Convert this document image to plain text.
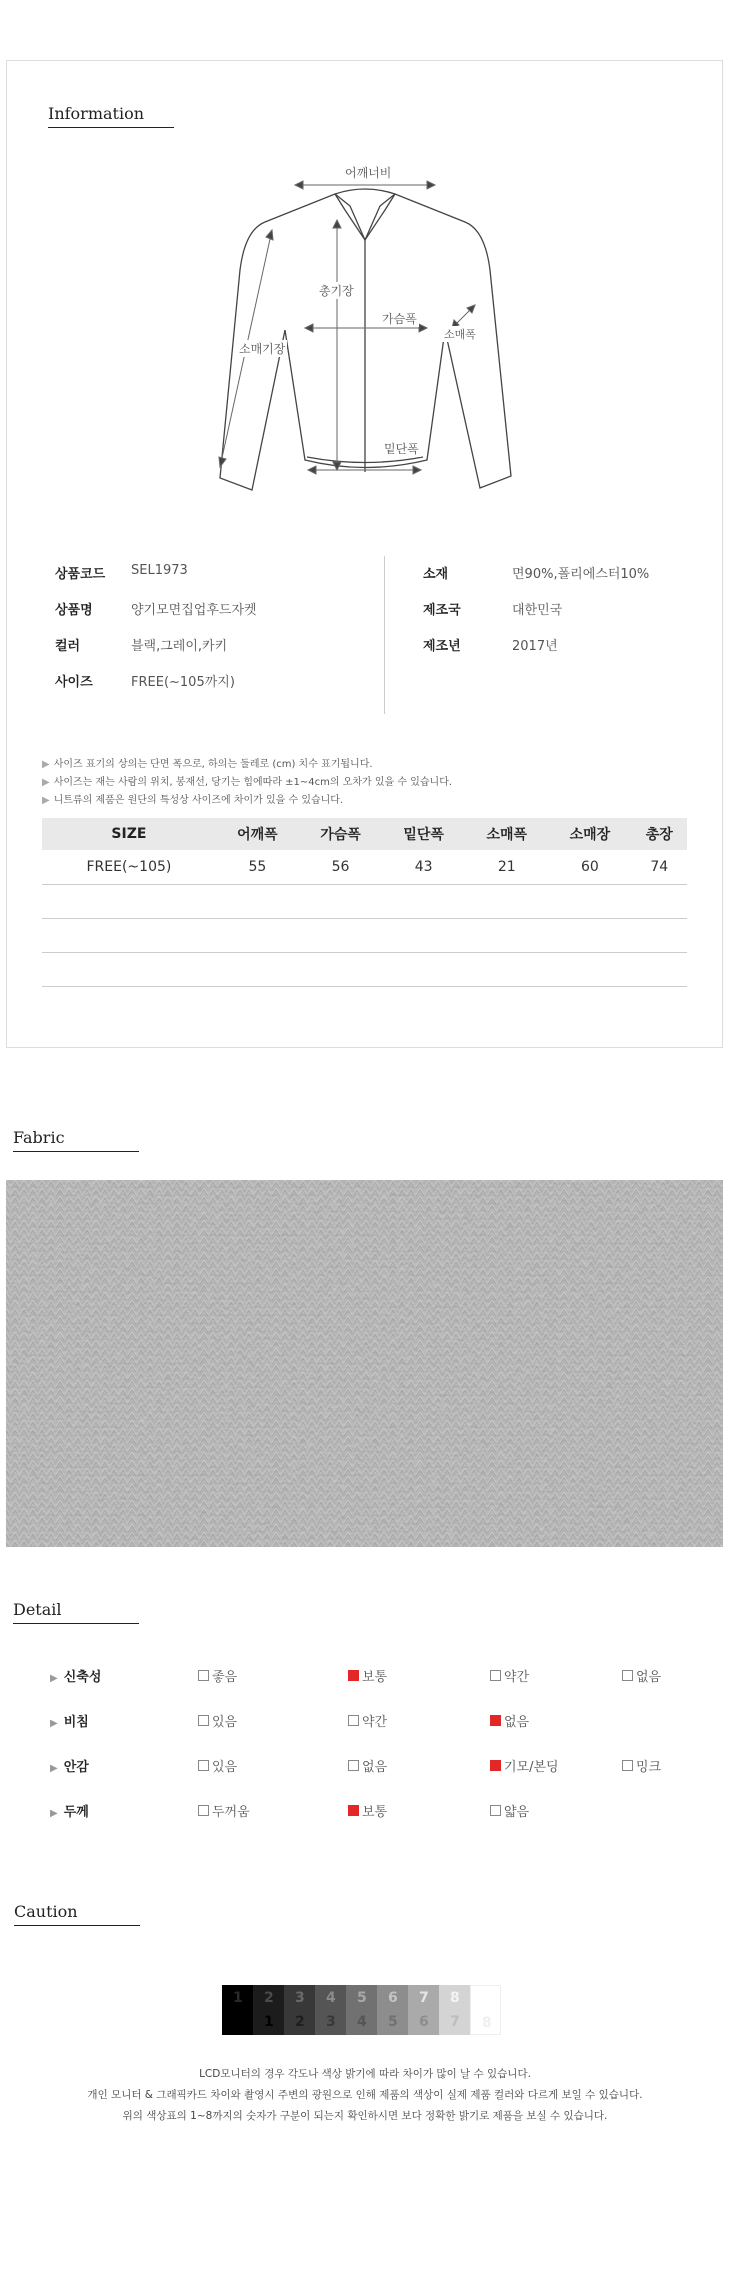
Information
어깨너비
총기장
가슴폭
소매기장
소매폭
밑단폭
상품코드 SEL1973
상품명	양기모면집업후드자켓
컬러	블랙,그레이,카키
사이즈	FREE(~105까지)
소재	면90%,폴리에스터10%
제조국	대한민국
제조년	2017년
▶ 사이즈 표기의 상의는 단면 폭으로, 하의는 둘레로 (cm) 치수 표기됩니다.
▶ 사이즈는 재는 사람의 위치, 봉재선, 당기는 힘에따라 ±1~4cm의 오차가 있을 수 있습니다.
▶ 니트류의 제품은 원단의 특성상 사이즈에 차이가 있을 수 있습니다.
SIZE	어깨폭	가슴폭	밑단폭	소매폭	소매장	총장
FREE(~105)	55	56	43	21	60	74

Fabric
Detail
▶ 신축성	좋음	보통	약간	없음
▶ 비침	있음	약간	없음
▶ 안감	있음	없음	기모/본딩	밍크
▶ 두께	두꺼움	보통	얇음
Caution
1 2
1
3
2
4
3
5
4
6
5
7
6
8
7 8
LCD모니터의 경우 각도나 색상 밝기에 따라 차이가 많이 날 수 있습니다.
개인 모니터 & 그래픽카드 차이와 촬영시 주변의 광원으로 인해 제품의 색상이 실제 제품 컬러와 다르게 보일 수 있습니다.
위의 색상표의 1~8까지의 숫자가 구분이 되는지 확인하시면 보다 정확한 밝기로 제품을 보실 수 있습니다.
